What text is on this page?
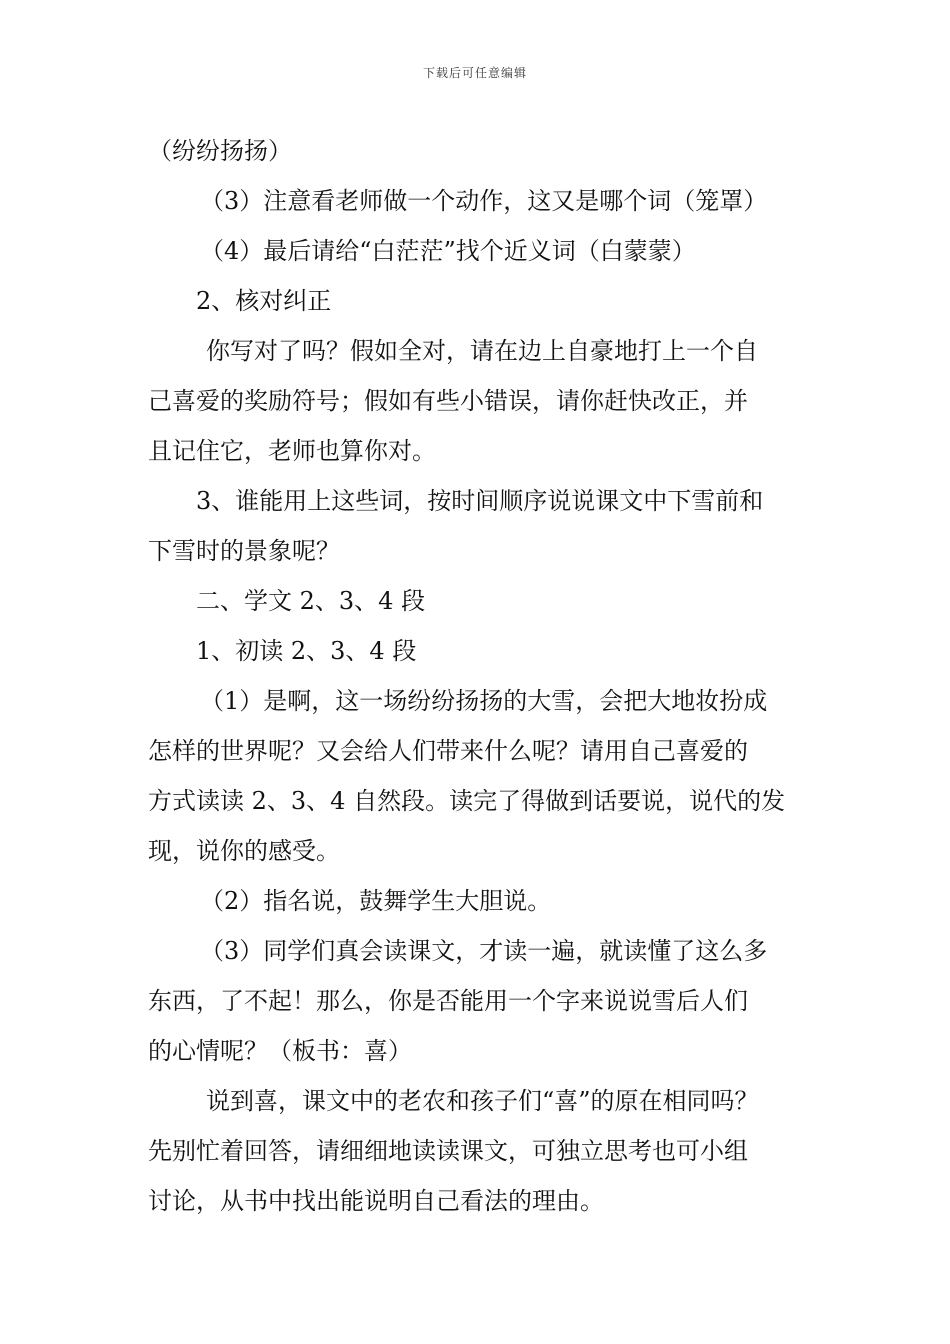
下载后可任意编辑
（纷纷扬扬）
（3）注意看老师做一个动作，这又是哪个词（笼罩）
（4）最后请给“白茫茫”找个近义词（白蒙蒙）
2、核对纠正
你写对了吗？假如全对，请在边上自豪地打上一个自
己喜爱的奖励符号；假如有些小错误，请你赶快改正，并
且记住它，老师也算你对。
3、谁能用上这些词，按时间顺序说说课文中下雪前和
下雪时的景象呢？
二、学文 2、3、4 段
1、初读 2、3、4 段
（1）是啊，这一场纷纷扬扬的大雪，会把大地妆扮成
怎样的世界呢？又会给人们带来什么呢？请用自己喜爱的
方式读读 2、3、4 自然段。读完了得做到话要说，说代的发
现，说你的感受。
（2）指名说，鼓舞学生大胆说。
（3）同学们真会读课文，才读一遍，就读懂了这么多
东西，了不起！那么，你是否能用一个字来说说雪后人们
的心情呢？（板书：喜）
说到喜，课文中的老农和孩子们“喜”的原在相同吗？
先别忙着回答，请细细地读读课文，可独立思考也可小组
讨论，从书中找出能说明自己看法的理由。
